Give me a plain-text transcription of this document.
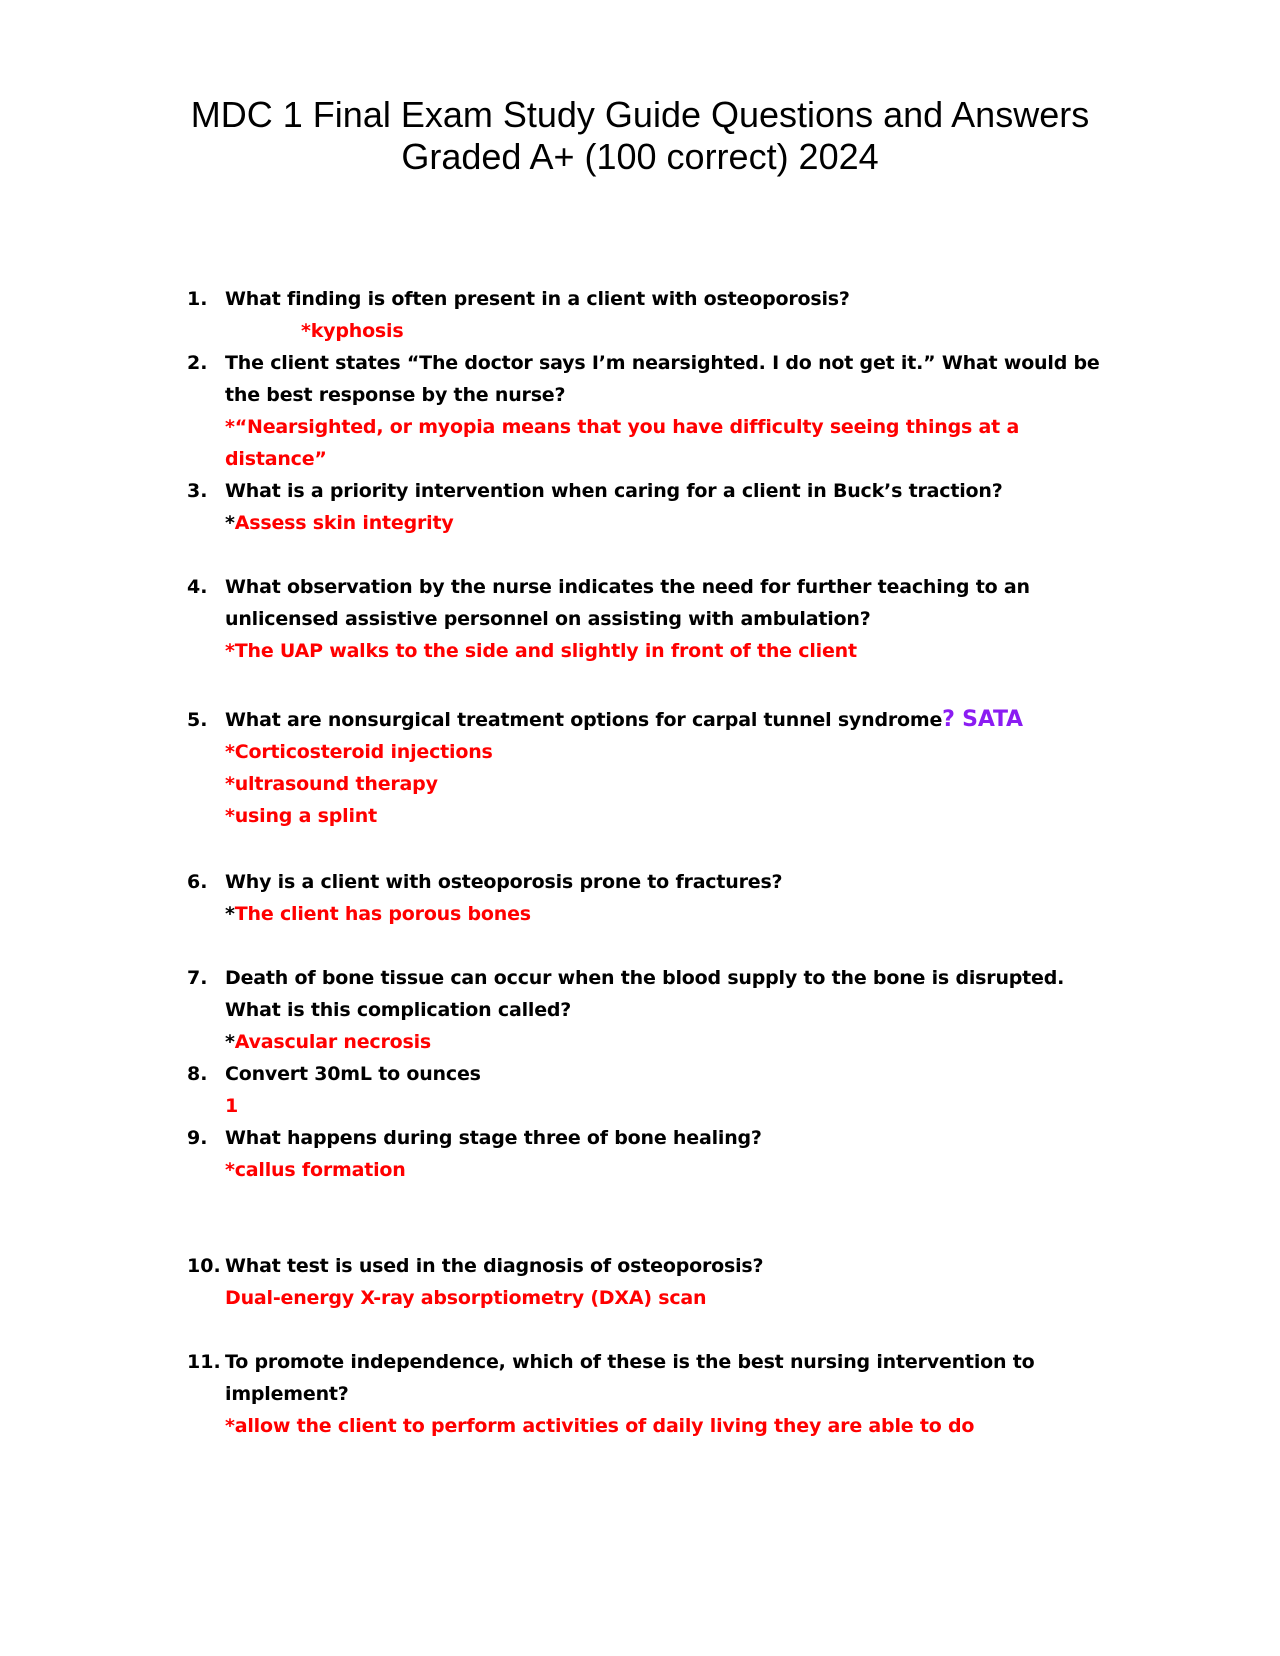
MDC 1 Final Exam Study Guide Questions and Answers
Graded A+ (100 correct) 2024
1. What finding is often present in a client with osteoporosis?
*kyphosis
2. The client states “The doctor says I’m nearsighted. I do not get it.” What would be the best response by the nurse?
*“Nearsighted, or myopia means that you have difficulty seeing things at a distance”
3. What is a priority intervention when caring for a client in Buck’s traction?
*Assess skin integrity
4. What observation by the nurse indicates the need for further teaching to an unlicensed assistive personnel on assisting with ambulation?
*The UAP walks to the side and slightly in front of the client
5. What are nonsurgical treatment options for carpal tunnel syndrome? SATA
*Corticosteroid injections
*ultrasound therapy
*using a splint
6. Why is a client with osteoporosis prone to fractures?
*The client has porous bones
7. Death of bone tissue can occur when the blood supply to the bone is disrupted. What is this complication called?
*Avascular necrosis
8. Convert 30mL to ounces
1
9. What happens during stage three of bone healing?
*callus formation
10. What test is used in the diagnosis of osteoporosis?
Dual-energy X-ray absorptiometry (DXA) scan
11. To promote independence, which of these is the best nursing intervention to implement?
*allow the client to perform activities of daily living they are able to do
